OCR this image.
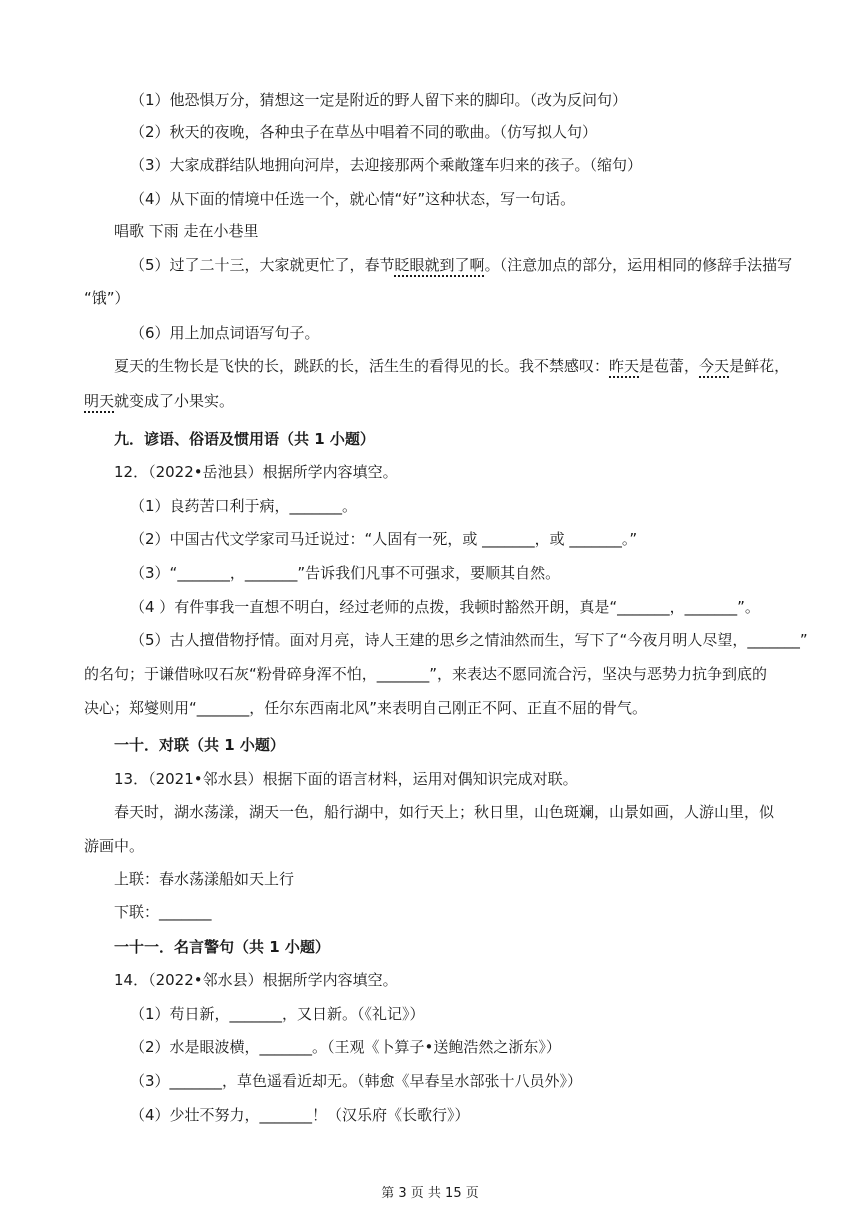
（1）他恐惧万分，猜想这一定是附近的野人留下来的脚印。（改为反问句）
（2）秋天的夜晚，各种虫子在草丛中唱着不同的歌曲。（仿写拟人句）
（3）大家成群结队地拥向河岸，去迎接那两个乘敞篷车归来的孩子。（缩句）
（4）从下面的情境中任选一个，就心情“好”这种状态，写一句话。
唱歌 下雨 走在小巷里
（5）过了二十三，大家就更忙了，春节眨眼就到了啊。（注意加点的部分，运用相同的修辞手法描写
“饿”）
（6）用上加点词语写句子。
夏天的生物长是飞快的长，跳跃的长，活生生的看得见的长。我不禁感叹：昨天是苞蕾，今天是鲜花，
明天就变成了小果实。
九．谚语、俗语及惯用语（共 1 小题）
12．（2022•岳池县）根据所学内容填空。
（1）良药苦口利于病，_______。
（2）中国古代文学家司马迁说过：“人固有一死，或 _______，或 _______。”
（3）“_______，_______”告诉我们凡事不可强求，要顺其自然。
（4 ）有件事我一直想不明白，经过老师的点拨，我顿时豁然开朗，真是“_______，_______”。
（5）古人擅借物抒情。面对月亮，诗人王建的思乡之情油然而生，写下了“今夜月明人尽望，_______”
的名句；于谦借咏叹石灰“粉骨碎身浑不怕，_______”，来表达不愿同流合污，坚决与恶势力抗争到底的
决心；郑燮则用“_______，任尔东西南北风”来表明自己刚正不阿、正直不屈的骨气。
一十．对联（共 1 小题）
13．（2021•邻水县）根据下面的语言材料，运用对偶知识完成对联。
春天时，湖水荡漾，湖天一色，船行湖中，如行天上；秋日里，山色斑斓，山景如画，人游山里，似
游画中。
上联：春水荡漾船如天上行
下联：_______
一十一．名言警句（共 1 小题）
14．（2022•邻水县）根据所学内容填空。
（1）苟日新，_______，又日新。（《礼记》）
（2）水是眼波横，_______。（王观《卜算子•送鲍浩然之浙东》）
（3）_______，草色遥看近却无。（韩愈《早春呈水部张十八员外》）
（4）少壮不努力，_______！（汉乐府《长歌行》）
第 3 页 共 15 页
